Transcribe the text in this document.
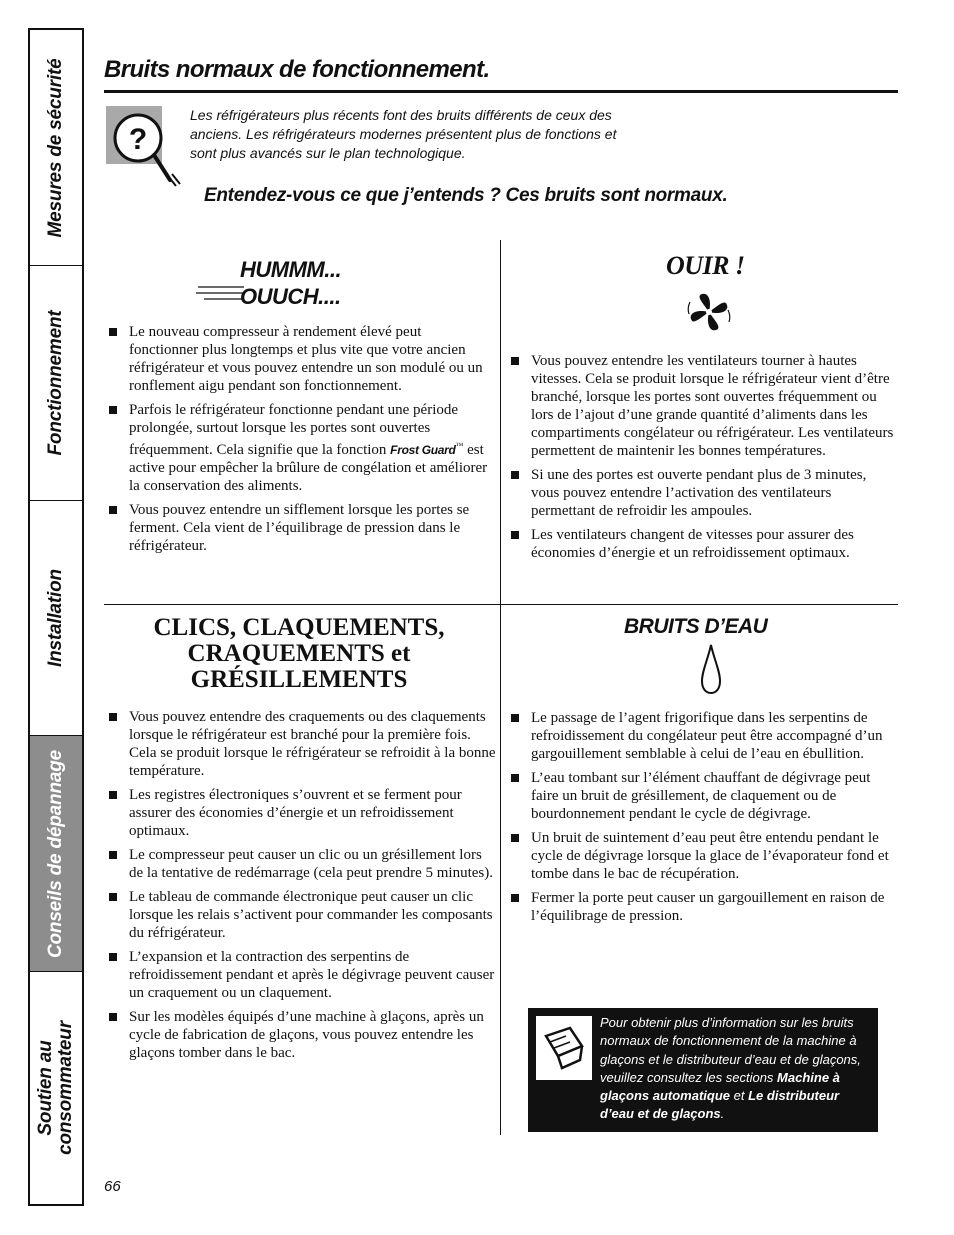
Mesures de sécurité
Fonctionnement
Installation
Conseils de dépannage
Soutien au consommateur
Bruits normaux de fonctionnement.
?
Les réfrigérateurs plus récents font des bruits différents de ceux des anciens. Les réfrigérateurs modernes présentent plus de fonctions et sont plus avancés sur le plan technologique.
Entendez-vous ce que j’entends ? Ces bruits sont normaux.
HUMMM...
OUUCH....
Le nouveau compresseur à rendement élevé peut fonctionner plus longtemps et plus vite que votre ancien réfrigérateur et vous pouvez entendre un son modulé ou un ronflement aigu pendant son fonctionnement.
Parfois le réfrigérateur fonctionne pendant une période prolongée, surtout lorsque les portes sont ouvertes fréquemment. Cela signifie que la fonction Frost Guard™ est active pour empêcher la brûlure de congélation et améliorer la conservation des aliments.
Vous pouvez entendre un sifflement lorsque les portes se ferment. Cela vient de l’équilibrage de pression dans le réfrigérateur.
OUIR !
Vous pouvez entendre les ventilateurs tourner à hautes vitesses. Cela se produit lorsque le réfrigérateur vient d’être branché, lorsque les portes sont ouvertes fréquemment ou lors de l’ajout d’une grande quantité d’aliments dans les compartiments congélateur ou réfrigérateur. Les ventilateurs permettent de maintenir les bonnes températures.
Si une des portes est ouverte pendant plus de 3 minutes, vous pouvez entendre l’activation des ventilateurs permettant de refroidir les ampoules.
Les ventilateurs changent de vitesses pour assurer des économies d’énergie et un refroidissement optimaux.
CLICS, CLAQUEMENTS,
CRAQUEMENTS et
GRÉSILLEMENTS
Vous pouvez entendre des craquements ou des claquements lorsque le réfrigérateur est branché pour la première fois. Cela se produit lorsque le réfrigérateur se refroidit à la bonne température.
Les registres électroniques s’ouvrent et se ferment pour assurer des économies d’énergie et un refroidissement optimaux.
Le compresseur peut causer un clic ou un grésillement lors de la tentative de redémarrage (cela peut prendre 5 minutes).
Le tableau de commande électronique peut causer un clic lorsque les relais s’activent pour commander les composants du réfrigérateur.
L’expansion et la contraction des serpentins de refroidissement pendant et après le dégivrage peuvent causer un craquement ou un claquement.
Sur les modèles équipés d’une machine à glaçons, après un cycle de fabrication de glaçons, vous pouvez entendre les glaçons tomber dans le bac.
BRUITS D’EAU
Le passage de l’agent frigorifique dans les serpentins de refroidissement du congélateur peut être accompagné d’un gargouillement semblable à celui de l’eau en ébullition.
L’eau tombant sur l’élément chauffant de dégivrage peut faire un bruit de grésillement, de claquement ou de bourdonnement pendant le cycle de dégivrage.
Un bruit de suintement d’eau peut être entendu pendant le cycle de dégivrage lorsque la glace de l’évaporateur fond et tombe dans le bac de récupération.
Fermer la porte peut causer un gargouillement en raison de l’équilibrage de pression.
Pour obtenir plus d’information sur les bruits normaux de fonctionnement de la machine à glaçons et le distributeur d’eau et de glaçons, veuillez consultez les sections Machine à glaçons automatique et Le distributeur d’eau et de glaçons.
66
